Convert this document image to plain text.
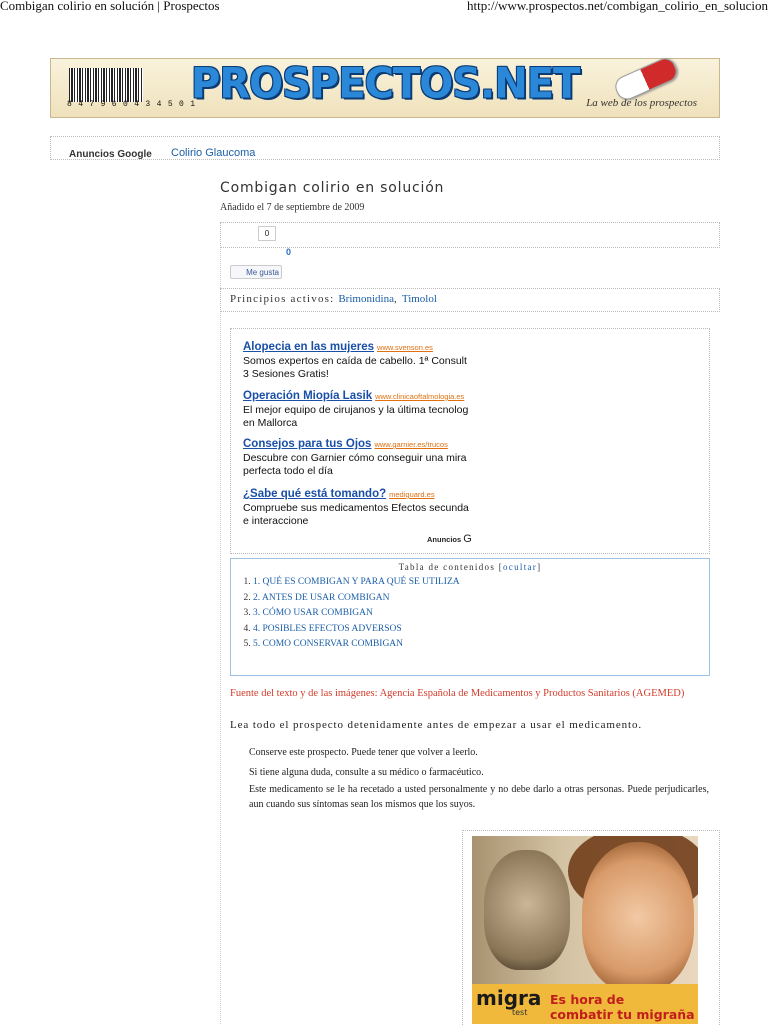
Combigan colirio en solución | Prospectos	http://www.prospectos.net/combigan_colirio_en_solucion
8 4 7 9 6 0 4 3 4 5 0 1
PROSPECTOS.NET La web de los prospectos
Anuncios Google Colirio Glaucoma
Combigan colirio en solución
Añadido el 7 de septiembre de 2009
0
0
Me gusta
Principios activos: Brimonidina, Timolol
Alopecia en las mujeres www.svenson.es
Somos expertos en caída de cabello. 1ª Consult
3 Sesiones Gratis!
Operación Miopía Lasik www.clinicaoftalmologia.es
El mejor equipo de cirujanos y la última tecnolog
en Mallorca
Consejos para tus Ojos www.garnier.es/trucos
Descubre con Garnier cómo conseguir una mira
perfecta todo el día
¿Sabe qué está tomando? mediguard.es
Compruebe sus medicamentos Efectos secunda
e interaccione
Anuncios G
Tabla de contenidos [ocultar]
1. 1. QUÉ ES COMBIGAN Y PARA QUÉ SE UTILIZA
2. 2. ANTES DE USAR COMBIGAN
3. 3. CÓMO USAR COMBIGAN
4. 4. POSIBLES EFECTOS ADVERSOS
5. 5. COMO CONSERVAR COMBIGAN
Fuente del texto y de las imágenes: Agencia Española de Medicamentos y Productos Sanitarios (AGEMED)
Lea todo el prospecto detenidamente antes de empezar a usar el medicamento.
Conserve este prospecto. Puede tener que volver a leerlo.
Si tiene alguna duda, consulte a su médico o farmacéutico.
Este medicamento se le ha recetado a usted personalmente y no debe darlo a otras personas. Puede perjudicarles, aun cuando sus síntomas sean los mismos que los suyos.
migra
test
Es hora de
combatir tu migraña
